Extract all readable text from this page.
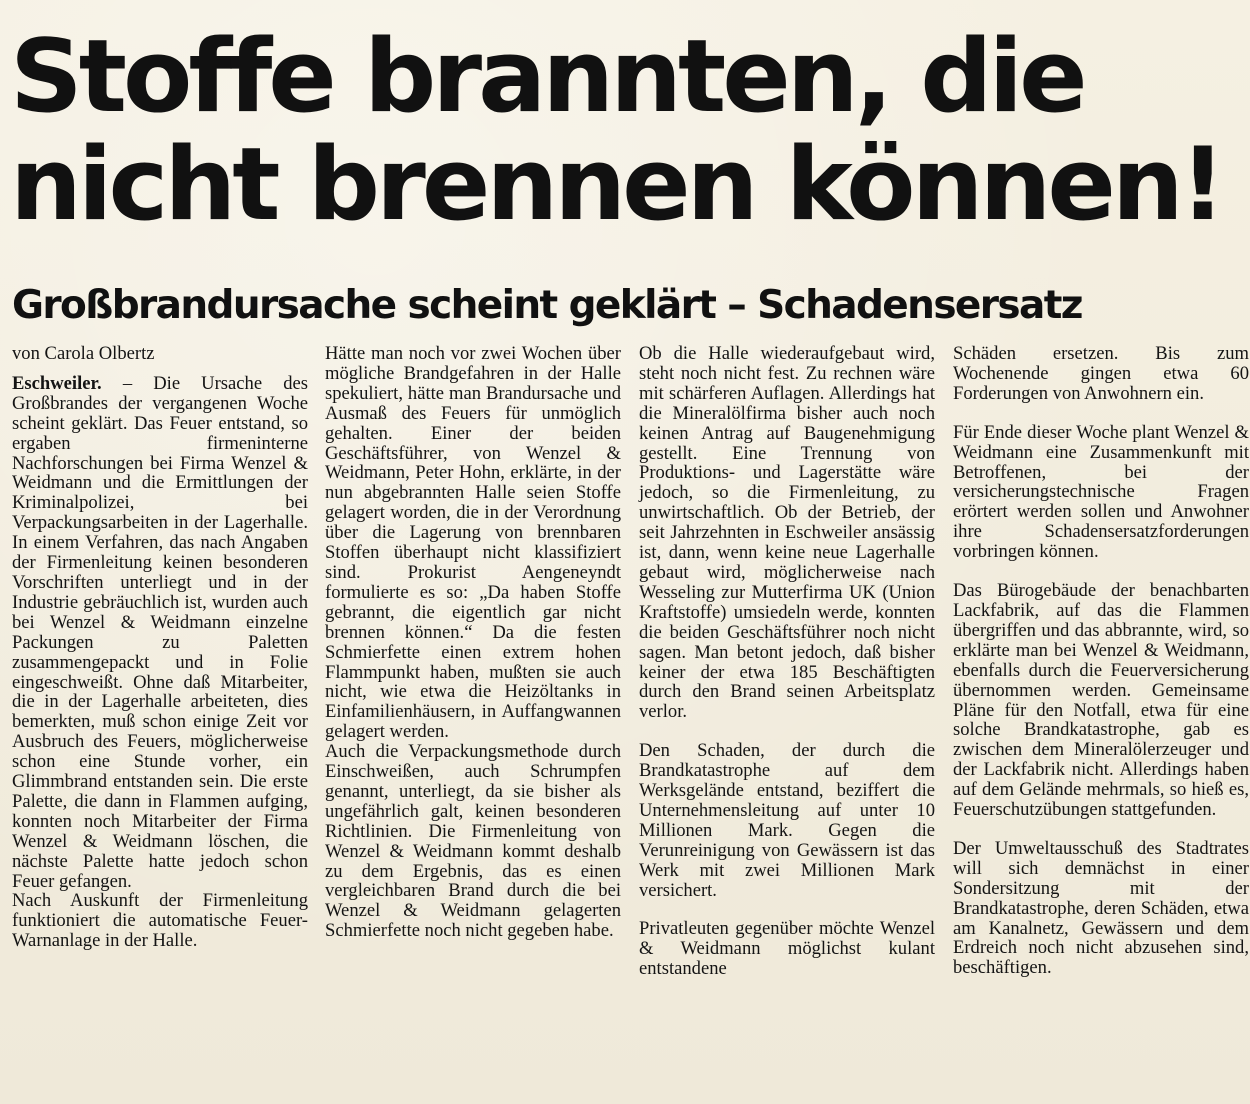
Stoffe brannten, die
nicht brennen können!
Großbrandursache scheint geklärt – Schadensersatz
von Carola Olbertz

Eschweiler. – Die Ursache des Großbrandes der vergangenen Woche scheint geklärt. Das Feuer entstand, so ergaben firmeninterne Nachforschungen bei Firma Wenzel & Weidmann und die Ermittlungen der Kriminalpolizei, bei Verpackungsarbeiten in der Lagerhalle. In einem Verfahren, das nach Angaben der Firmenleitung keinen besonderen Vorschriften unterliegt und in der Industrie gebräuchlich ist, wurden auch bei Wenzel & Weidmann einzelne Packungen zu Paletten zusammengepackt und in Folie eingeschweißt. Ohne daß Mitarbeiter, die in der Lagerhalle arbeiteten, dies bemerkten, muß schon einige Zeit vor Ausbruch des Feuers, möglicherweise schon eine Stunde vorher, ein Glimmbrand entstanden sein. Die erste Palette, die dann in Flammen aufging, konnten noch Mitarbeiter der Firma Wenzel & Weidmann löschen, die nächste Palette hatte jedoch schon Feuer gefangen.

Nach Auskunft der Firmenleitung funktioniert die automatische Feuer-Warnanlage in der Halle.

Hätte man noch vor zwei Wochen über mögliche Brandgefahren in der Halle spekuliert, hätte man Brandursache und Ausmaß des Feuers für unmöglich gehalten. Einer der beiden Geschäftsführer, von Wenzel & Weidmann, Peter Hohn, erklärte, in der nun abgebrannten Halle seien Stoffe gelagert worden, die in der Verordnung über die Lagerung von brennbaren Stoffen überhaupt nicht klassifiziert sind. Prokurist Aengeneyndt formulierte es so: „Da haben Stoffe gebrannt, die eigentlich gar nicht brennen können.“ Da die festen Schmierfette einen extrem hohen Flammpunkt haben, mußten sie auch nicht, wie etwa die Heizöltanks in Einfamilienhäusern, in Auffangwannen gelagert werden.

Auch die Verpackungsmethode durch Einschweißen, auch Schrumpfen genannt, unterliegt, da sie bisher als ungefährlich galt, keinen besonderen Richtlinien. Die Firmenleitung von Wenzel & Weidmann kommt deshalb zu dem Ergebnis, das es einen vergleichbaren Brand durch die bei Wenzel & Weidmann gelagerten Schmierfette noch nicht gegeben habe.

Ob die Halle wiederaufgebaut wird, steht noch nicht fest. Zu rechnen wäre mit schärferen Auflagen. Allerdings hat die Mineralölfirma bisher auch noch keinen Antrag auf Baugenehmigung gestellt. Eine Trennung von Produktions- und Lagerstätte wäre jedoch, so die Firmenleitung, zu unwirtschaftlich. Ob der Betrieb, der seit Jahrzehnten in Eschweiler ansässig ist, dann, wenn keine neue Lagerhalle gebaut wird, möglicherweise nach Wesseling zur Mutterfirma UK (Union Kraftstoffe) umsiedeln werde, konnten die beiden Geschäftsführer noch nicht sagen. Man betont jedoch, daß bisher keiner der etwa 185 Beschäftigten durch den Brand seinen Arbeitsplatz verlor.

Den Schaden, der durch die Brandkatastrophe auf dem Werksgelände entstand, beziffert die Unternehmensleitung auf unter 10 Millionen Mark. Gegen die Verunreinigung von Gewässern ist das Werk mit zwei Millionen Mark versichert.

Privatleuten gegenüber möchte Wenzel & Weidmann möglichst kulant entstandene

Schäden ersetzen. Bis zum Wochenende gingen etwa 60 Forderungen von Anwohnern ein.

Für Ende dieser Woche plant Wenzel & Weidmann eine Zusammenkunft mit Betroffenen, bei der versicherungstechnische Fragen erörtert werden sollen und Anwohner ihre Schadensersatzforderungen vorbringen können.

Das Bürogebäude der benachbarten Lackfabrik, auf das die Flammen übergriffen und das abbrannte, wird, so erklärte man bei Wenzel & Weidmann, ebenfalls durch die Feuerversicherung übernommen werden. Gemeinsame Pläne für den Notfall, etwa für eine solche Brandkatastrophe, gab es zwischen dem Mineralölerzeuger und der Lackfabrik nicht. Allerdings haben auf dem Gelände mehrmals, so hieß es, Feuerschutzübungen stattgefunden.

Der Umweltausschuß des Stadtrates will sich demnächst in einer Sondersitzung mit der Brandkatastrophe, deren Schäden, etwa am Kanalnetz, Gewässern und dem Erdreich noch nicht abzusehen sind, beschäftigen.
